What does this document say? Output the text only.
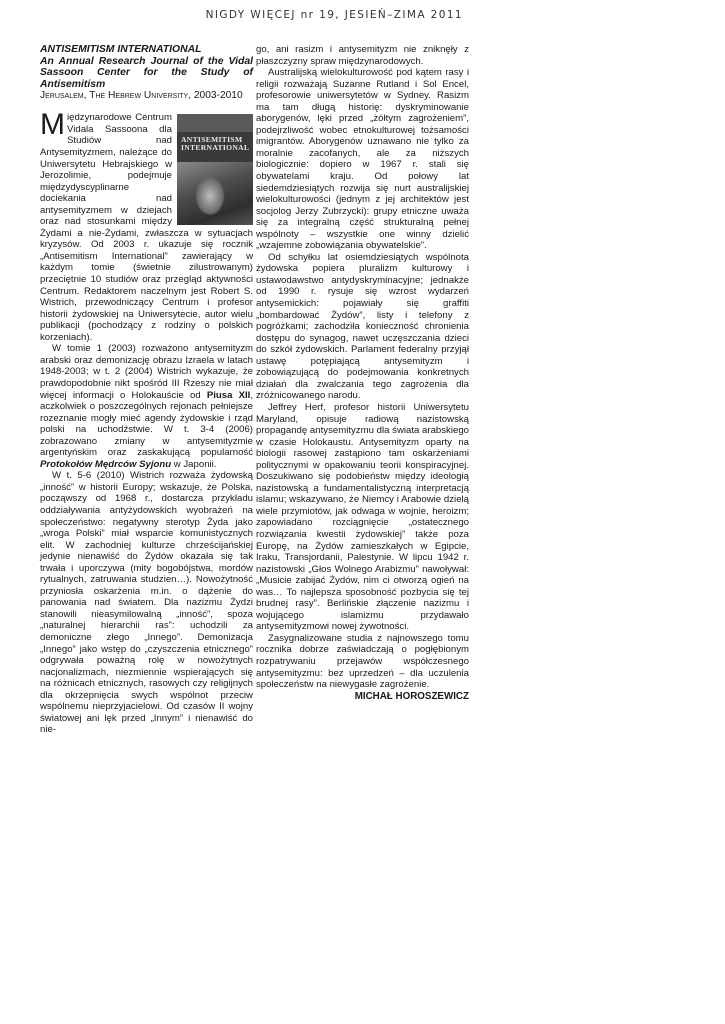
NIGDY WIĘCEJ nr 19, JESIEŃ–ZIMA 2011
ANTISEMITISM INTERNATIONAL
An Annual Research Journal of the Vidal Sassoon Center for the Study of Antisemitism
Jerusalem, The Hebrew University, 2003-2010

ANTISEMITISM INTERNATIONAL
M iędzynarodowe Centrum Vidala Sassoona dla Studiów nad Antysemityzmem, należące do Uniwersytetu Hebrajskiego w Jerozolimie, podejmuje międzydyscyplinarne dociekania nad antysemityzmem w dziejach oraz nad stosunkami między Żydami a nie-Żydami, zwłaszcza w sytuacjach kryzysów. Od 2003 r. ukazuje się rocznik „Antisemitism International” zawierający w każdym tomie (świetnie zilustrowanym) przeciętnie 10 studiów oraz przegląd aktywności Centrum. Redaktorem naczelnym jest Robert S. Wistrich, przewodniczący Centrum i profesor historii żydowskiej na Uniwersytecie, autor wielu publikacji (pochodzący z rodziny o polskich korzeniach).

W tomie 1 (2003) rozważono antysemityzm arabski oraz demonizację obrazu Izraela w latach 1948-2003; w t. 2 (2004) Wistrich wykazuje, że prawdopodobnie nikt spośród III Rzeszy nie miał więcej informacji o Holokauście od Piusa XII, aczkolwiek o poszczególnych rejonach pełniejsze rozeznanie mogły mieć agendy żydowskie i rząd polski na uchodźstwie. W t. 3-4 (2006) zobrazowano zmiany w antysemityzmie argentyńskim oraz zaskakującą popularność Protokołów Mędrców Syjonu w Japonii.

W t. 5-6 (2010) Wistrich rozważa żydowską „inność” w historii Europy; wskazuje, że Polska, począwszy od 1968 r., dostarcza przykładu oddziaływania antyżydowskich wyobrażeń na społeczeństwo: negatywny sterotyp Żyda jako „wroga Polski” miał wsparcie komunistycznych elit. W zachodniej kulturze chrześcijańskiej jedynie nienawiść do Żydów okazała się tak trwała i uporczywa (mity bogobójstwa, mordów rytualnych, zatruwania studzien…). Nowożytność przyniosła oskarżenia m.in. o dążenie do panowania nad światem. Dla nazizmu Żydzi stanowili nieasymilowalną „inność”, spoza „naturalnej hierarchii ras”: uchodzili za demoniczne złego „Innego”. Demonizacja „Innego” jako wstęp do „czyszczenia etnicznego” odgrywała poważną rolę w nowożytnych nacjonalizmach, niezmiennie wspierających się na różnicach etnicznych, rasowych czy religijnych dla okrzepnięcia swych wspólnot przeciw wspólnemu nieprzyjacielowi. Od czasów II wojny światowej ani lęk przed „Innym” i nienawiść do nie-

go, ani rasizm i antysemityzm nie zniknęły z płaszczyzny spraw międzynarodowych.

Australijską wielokulturowość pod kątem rasy i religii rozważają Suzanne Rutland i Sol Encel, profesorowie uniwersytetów w Sydney. Rasizm ma tam długą historię: dyskryminowanie aborygenów, lęki przed „żółtym zagrożeniem”, podejrzliwość wobec etnokulturowej tożsamości imigrantów. Aborygenów uznawano nie tylko za moralnie zacofanych, ale za niższych biologicznie: dopiero w 1967 r. stali się obywatelami kraju. Od połowy lat siedemdziesiątych rozwija się nurt australijskiej wielokulturowości (jednym z jej architektów jest socjolog Jerzy Zubrzycki): grupy etniczne uważa się za integralną część strukturalną pełnej wspólnoty – wszystkie one winny dzielić „wzajemne zobowiązania obywatelskie”.

Od schyłku lat osiemdziesiątych wspólnota żydowska popiera pluralizm kulturowy i ustawodawstwo antydyskryminacyjne; jednakże od 1990 r. rysuje się wzrost wydarzeń antysemickich: pojawiały się graffiti „bombardować Żydów”, listy i telefony z pogróżkami; zachodziła konieczność chronienia dostępu do synagog, nawet uczęszczania dzieci do szkół żydowskich. Parlament federalny przyjął ustawę potępiającą antysemityzm i zobowiązującą do podejmowania konkretnych działań dla zwalczania tego zagrożenia dla zróżnicowanego narodu.

Jeffrey Herf, profesor historii Uniwersytetu Maryland, opisuje radiową nazistowską propagandę antysemityzmu dla świata arabskiego w czasie Holokaustu. Antysemityzm oparty na biologii rasowej zastąpiono tam oskarżeniami politycznymi w opakowaniu teorii konspiracyjnej. Doszukiwano się podobieństw między ideologią nazistowską a fundamentalistyczną interpretacją islamu; wskazywano, że Niemcy i Arabowie dzielą wiele przymiotów, jak odwaga w wojnie, heroizm; zapowiadano rozciągnięcie „ostatecznego rozwiązania kwestii żydowskiej” także poza Europę, na Żydów zamieszkałych w Egipcie, Iraku, Transjordanii, Palestynie. W lipcu 1942 r. nazistowski „Głos Wolnego Arabizmu” nawoływał: „Musicie zabijać Żydów, nim ci otworzą ogień na was… To najlepsza sposobność pozbycia się tej brudnej rasy”. Berlińskie złączenie nazizmu i wojującego islamizmu przydawało antysemityzmowi nowej żywotności.

Zasygnalizowane studia z najnowszego tomu rocznika dobrze zaświadczają o pogłębionym rozpatrywaniu przejawów współczesnego antysemityzmu: bez uprzedzeń – dla uczulenia społeczeństw na niewygasłe zagrożenie.

MICHAŁ HOROSZEWICZ
